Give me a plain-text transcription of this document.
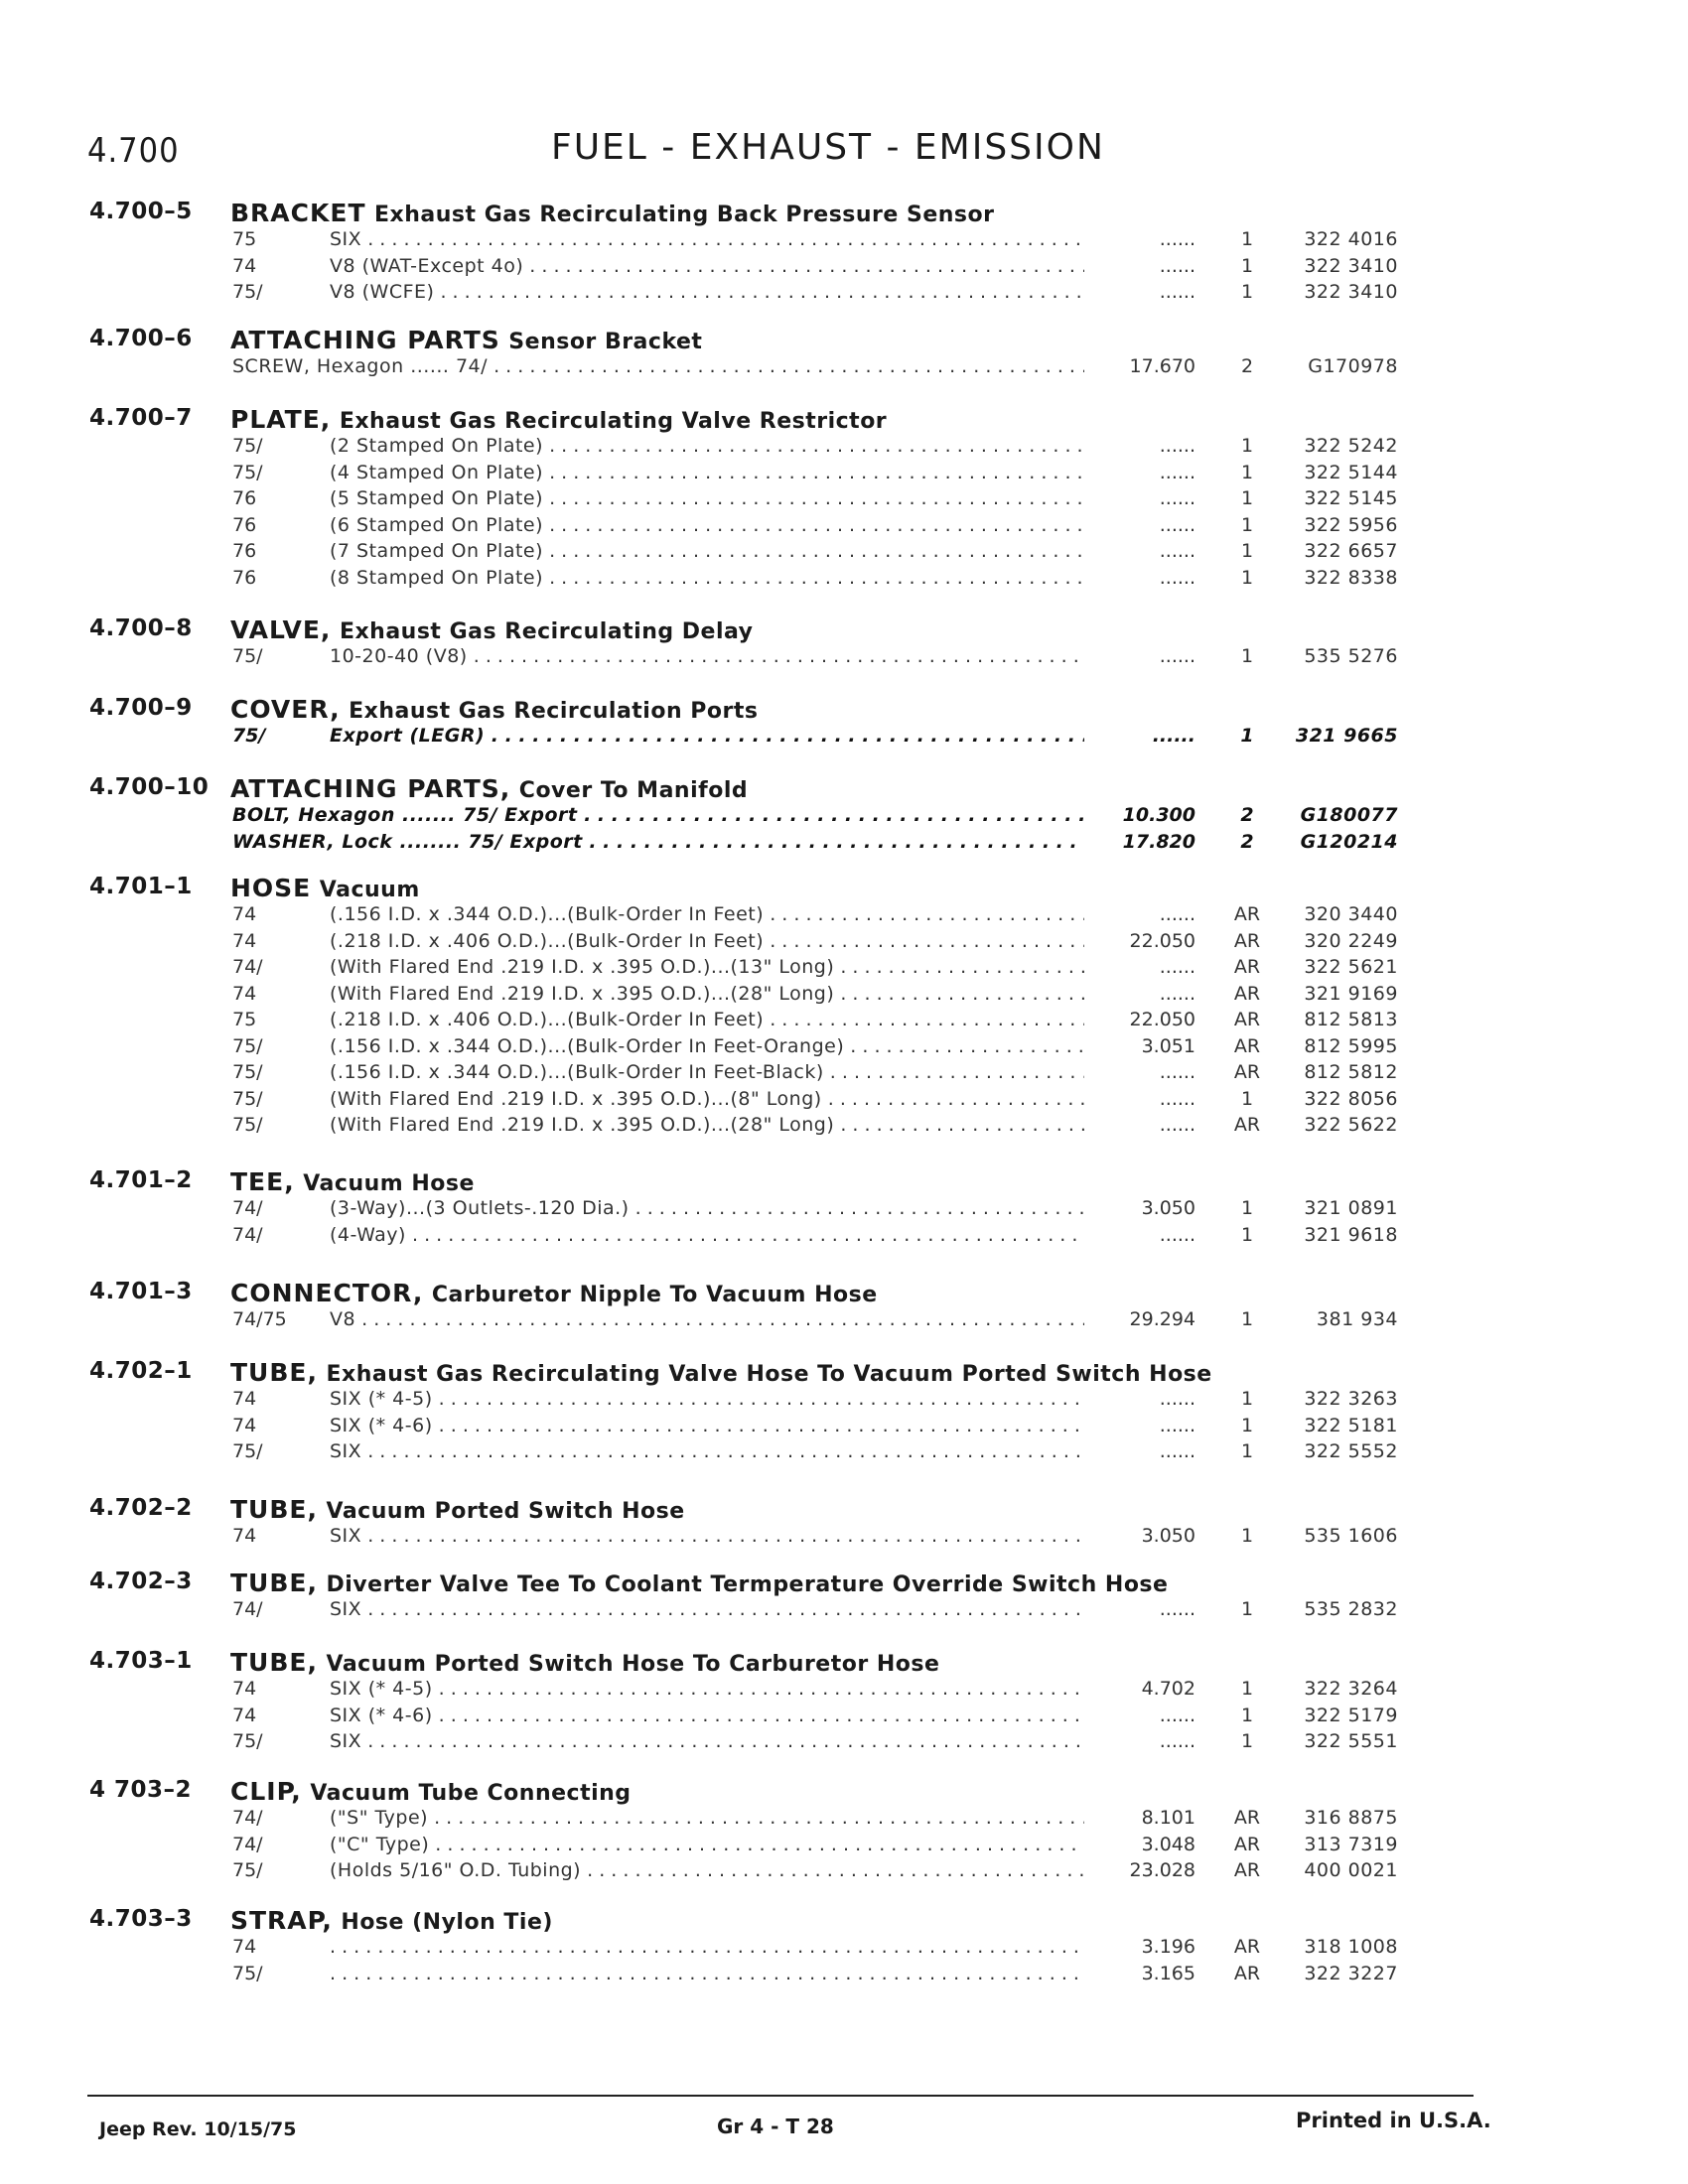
4.700	FUEL - EXHAUST - EMISSION
4.700–5 BRACKET Exhaust Gas Recirculating Back Pressure Sensor
75	SIX . . .	......	1	322 4016
74	V8 (WAT-Except 4o) . . .	......	1	322 3410
75/	V8 (WCFE) . . .	......	1	322 3410
4.700–6 ATTACHING PARTS Sensor Bracket
SCREW, Hexagon ...... 74/ . . .	17.670	2	G170978
4.700–7 PLATE, Exhaust Gas Recirculating Valve Restrictor
75/	(2 Stamped On Plate) . . .	......	1	322 5242
75/	(4 Stamped On Plate) . . .	......	1	322 5144
76	(5 Stamped On Plate) . . .	......	1	322 5145
76	(6 Stamped On Plate) . . .	......	1	322 5956
76	(7 Stamped On Plate) . . .	......	1	322 6657
76	(8 Stamped On Plate) . . .	......	1	322 8338
4.700–8 VALVE, Exhaust Gas Recirculating Delay
75/	10-20-40 (V8) . . .	......	1	535 5276
4.700–9 COVER, Exhaust Gas Recirculation Ports
75/	Export (LEGR) . . .	......	1	321 9665
4.700–10 ATTACHING PARTS, Cover To Manifold
BOLT, Hexagon ....... 75/ Export . . .	10.300	2	G180077
WASHER, Lock ........ 75/ Export . . .	17.820	2	G120214
4.701–1 HOSE Vacuum
74	(.156 I.D. x .344 O.D.)...(Bulk-Order In Feet) . . .	......	AR	320 3440
74	(.218 I.D. x .406 O.D.)...(Bulk-Order In Feet) . . .	22.050	AR	320 2249
74/	(With Flared End .219 I.D. x .395 O.D.)...(13" Long) . . .	......	AR	322 5621
74	(With Flared End .219 I.D. x .395 O.D.)...(28" Long) . . .	......	AR	321 9169
75	(.218 I.D. x .406 O.D.)...(Bulk-Order In Feet) . . .	22.050	AR	812 5813
75/	(.156 I.D. x .344 O.D.)...(Bulk-Order In Feet-Orange) . . .	3.051	AR	812 5995
75/	(.156 I.D. x .344 O.D.)...(Bulk-Order In Feet-Black) . . .	......	AR	812 5812
75/	(With Flared End .219 I.D. x .395 O.D.)...(8" Long) . . .	......	1	322 8056
75/	(With Flared End .219 I.D. x .395 O.D.)...(28" Long) . . .	......	AR	322 5622
4.701–2 TEE, Vacuum Hose
74/	(3-Way)...(3 Outlets-.120 Dia.) . . .	3.050	1	321 0891
74/	(4-Way) . . .	......	1	321 9618
4.701–3 CONNECTOR, Carburetor Nipple To Vacuum Hose
74/75 V8 . . .	29.294	1	381 934
4.702–1 TUBE, Exhaust Gas Recirculating Valve Hose To Vacuum Ported Switch Hose
74	SIX (* 4-5) . . .	......	1	322 3263
74	SIX (* 4-6) . . .	......	1	322 5181
75/	SIX . . .	......	1	322 5552
4.702–2 TUBE, Vacuum Ported Switch Hose
74	SIX . . .	3.050	1	535 1606
4.702–3 TUBE, Diverter Valve Tee To Coolant Termperature Override Switch Hose
74/	SIX . . .	......	1	535 2832
4.703–1 TUBE, Vacuum Ported Switch Hose To Carburetor Hose
74	SIX (* 4-5) . . .	4.702	1	322 3264
74	SIX (* 4-6) . . .	......	1	322 5179
75/	SIX . . .	......	1	322 5551
4 703–2 CLIP, Vacuum Tube Connecting
74/	("S" Type) . . .	8.101	AR	316 8875
74/	("C" Type) . . .	3.048	AR	313 7319
75/	(Holds 5/16" O.D. Tubing) . . .	23.028	AR	400 0021
4.703–3 STRAP, Hose (Nylon Tie)
74 . . .	3.196	AR	318 1008
75/ . . .	3.165	AR	322 3227
Jeep Rev. 10/15/75	Gr 4 - T 28	Printed in U.S.A.
